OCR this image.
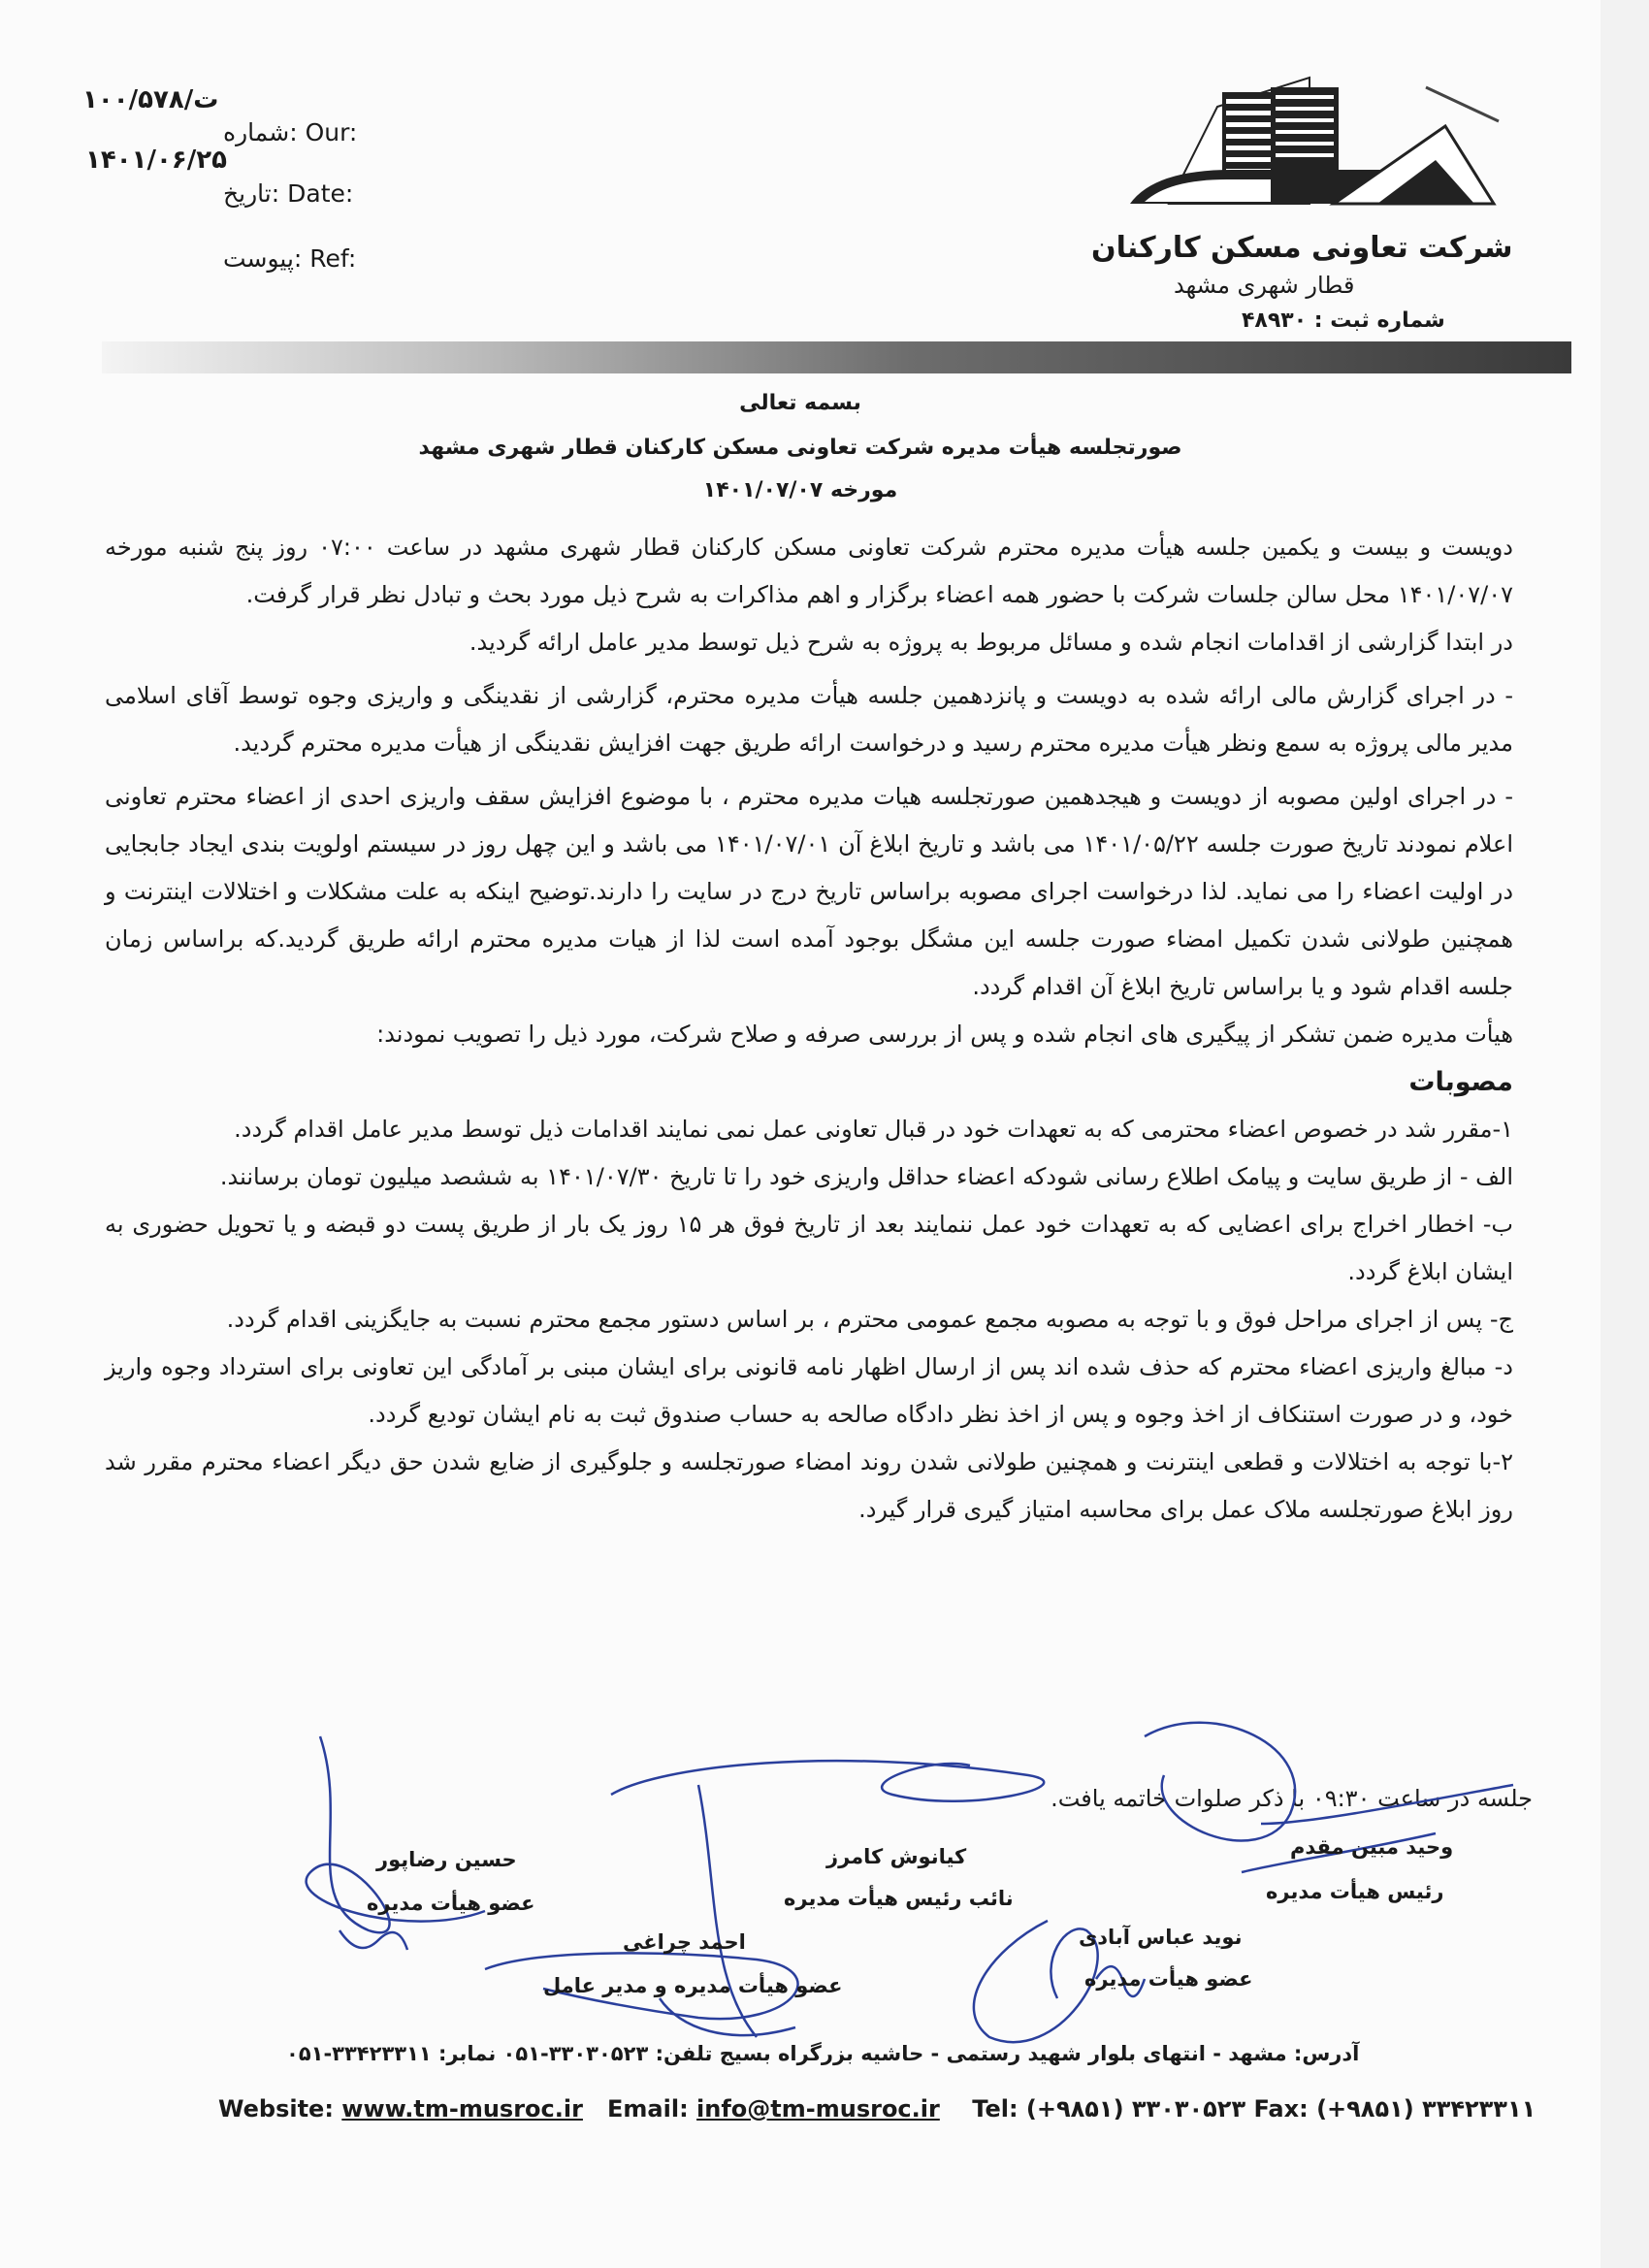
۱۰۰/۵۷۸/ت
شماره: Our:
۱۴۰۱/۰۶/۲۵
تاریخ: Date:
پیوست: Ref:	شرکت تعاونی مسکن کارکنان
قطار شهری مشهد
شماره ثبت : ۴۸۹۳۰
بسمه تعالی
صورتجلسه هیأت مدیره شرکت تعاونی مسکن کارکنان قطار شهری مشهد
مورخه ۱۴۰۱/۰۷/۰۷

دویست و بیست و یکمین جلسه هیأت مدیره محترم شرکت تعاونی مسکن کارکنان قطار شهری مشهد در ساعت ۰۷:۰۰ روز پنج شنبه مورخه ۱۴۰۱/۰۷/۰۷ محل سالن جلسات شرکت با حضور همه اعضاء برگزار و اهم مذاکرات به شرح ذیل مورد بحث و تبادل نظر قرار گرفت.

در ابتدا گزارشی از اقدامات انجام شده و مسائل مربوط به پروژه به شرح ذیل توسط مدیر عامل ارائه گردید.

- در اجرای گزارش مالی ارائه شده به دویست و پانزدهمین جلسه هیأت مدیره محترم، گزارشی از نقدینگی و واریزی وجوه توسط آقای اسلامی مدیر مالی پروژه به سمع ونظر هیأت مدیره محترم رسید و درخواست ارائه طریق جهت افزایش نقدینگی از هیأت مدیره محترم گردید.

- در اجرای اولین مصوبه از دویست و هیجدهمین صورتجلسه هیات مدیره محترم ، با موضوع افزایش سقف واریزی احدی از اعضاء محترم تعاونی اعلام نمودند تاریخ صورت جلسه ۱۴۰۱/۰۵/۲۲ می باشد و تاریخ ابلاغ آن ۱۴۰۱/۰۷/۰۱ می باشد و این چهل روز در سیستم اولویت بندی ایجاد جابجایی در اولیت اعضاء را می نماید. لذا درخواست اجرای مصوبه براساس تاریخ درج در سایت را دارند.توضیح اینکه به علت مشکلات و اختلالات اینترنت و همچنین طولانی شدن تکمیل امضاء صورت جلسه این مشگل بوجود آمده است لذا از هیات مدیره محترم ارائه طریق گردید.که براساس زمان جلسه اقدام شود و یا براساس تاریخ ابلاغ آن اقدام گردد.

هیأت مدیره ضمن تشکر از پیگیری های انجام شده و پس از بررسی صرفه و صلاح شرکت، مورد ذیل را تصویب نمودند:

مصوبات

۱-مقرر شد در خصوص اعضاء محترمی که به تعهدات خود در قبال تعاونی عمل نمی نمایند اقدامات ذیل توسط مدیر عامل اقدام گردد.

الف - از طریق سایت و پیامک اطلاع رسانی شودکه اعضاء حداقل واریزی خود را تا تاریخ ۱۴۰۱/۰۷/۳۰ به ششصد میلیون تومان برسانند.

ب- اخطار اخراج برای اعضایی که به تعهدات خود عمل ننمایند بعد از تاریخ فوق هر ۱۵ روز یک بار از طریق پست دو قبضه و یا تحویل حضوری به ایشان ابلاغ گردد.

ج- پس از اجرای مراحل فوق و با توجه به مصوبه مجمع عمومی محترم ، بر اساس دستور مجمع محترم نسبت به جایگزینی اقدام گردد.

د- مبالغ واریزی اعضاء محترم که حذف شده اند پس از ارسال اظهار نامه قانونی برای ایشان مبنی بر آمادگی این تعاونی برای استرداد وجوه واریز خود، و در صورت استنکاف از اخذ وجوه و پس از اخذ نظر دادگاه صالحه به حساب صندوق ثبت به نام ایشان تودیع گردد.

۲-با توجه به اختلالات و قطعی اینترنت و همچنین طولانی شدن روند امضاء صورتجلسه و جلوگیری از ضایع شدن حق دیگر اعضاء محترم مقرر شد روز ابلاغ صورتجلسه ملاک عمل برای محاسبه امتیاز گیری قرار گیرد.

جلسه در ساعت ۰۹:۳۰ با ذکر صلوات خاتمه یافت.
وحید مبین مقدم
رئیس هیأت مدیره
کیانوش کامرز
نائب رئیس هیأت مدیره
حسین رضاپور
عضو هیأت مدیره
نوید عباس آبادی
عضو هیأت مدیره
احمد چراغی
عضو هیأت مدیره و مدیر عامل
آدرس: مشهد - انتهای بلوار شهید رستمی - حاشیه بزرگراه بسیج تلفن: ۳۳۰۳۰۵۲۳-۰۵۱ نمابر: ۳۳۴۲۳۳۱۱-۰۵۱
Website: www.tm-musroc.ir Email: info@tm-musroc.ir Tel: (+۹۸۵۱) ۳۳۰۳۰۵۲۳ Fax: (+۹۸۵۱) ۳۳۴۲۳۳۱۱
